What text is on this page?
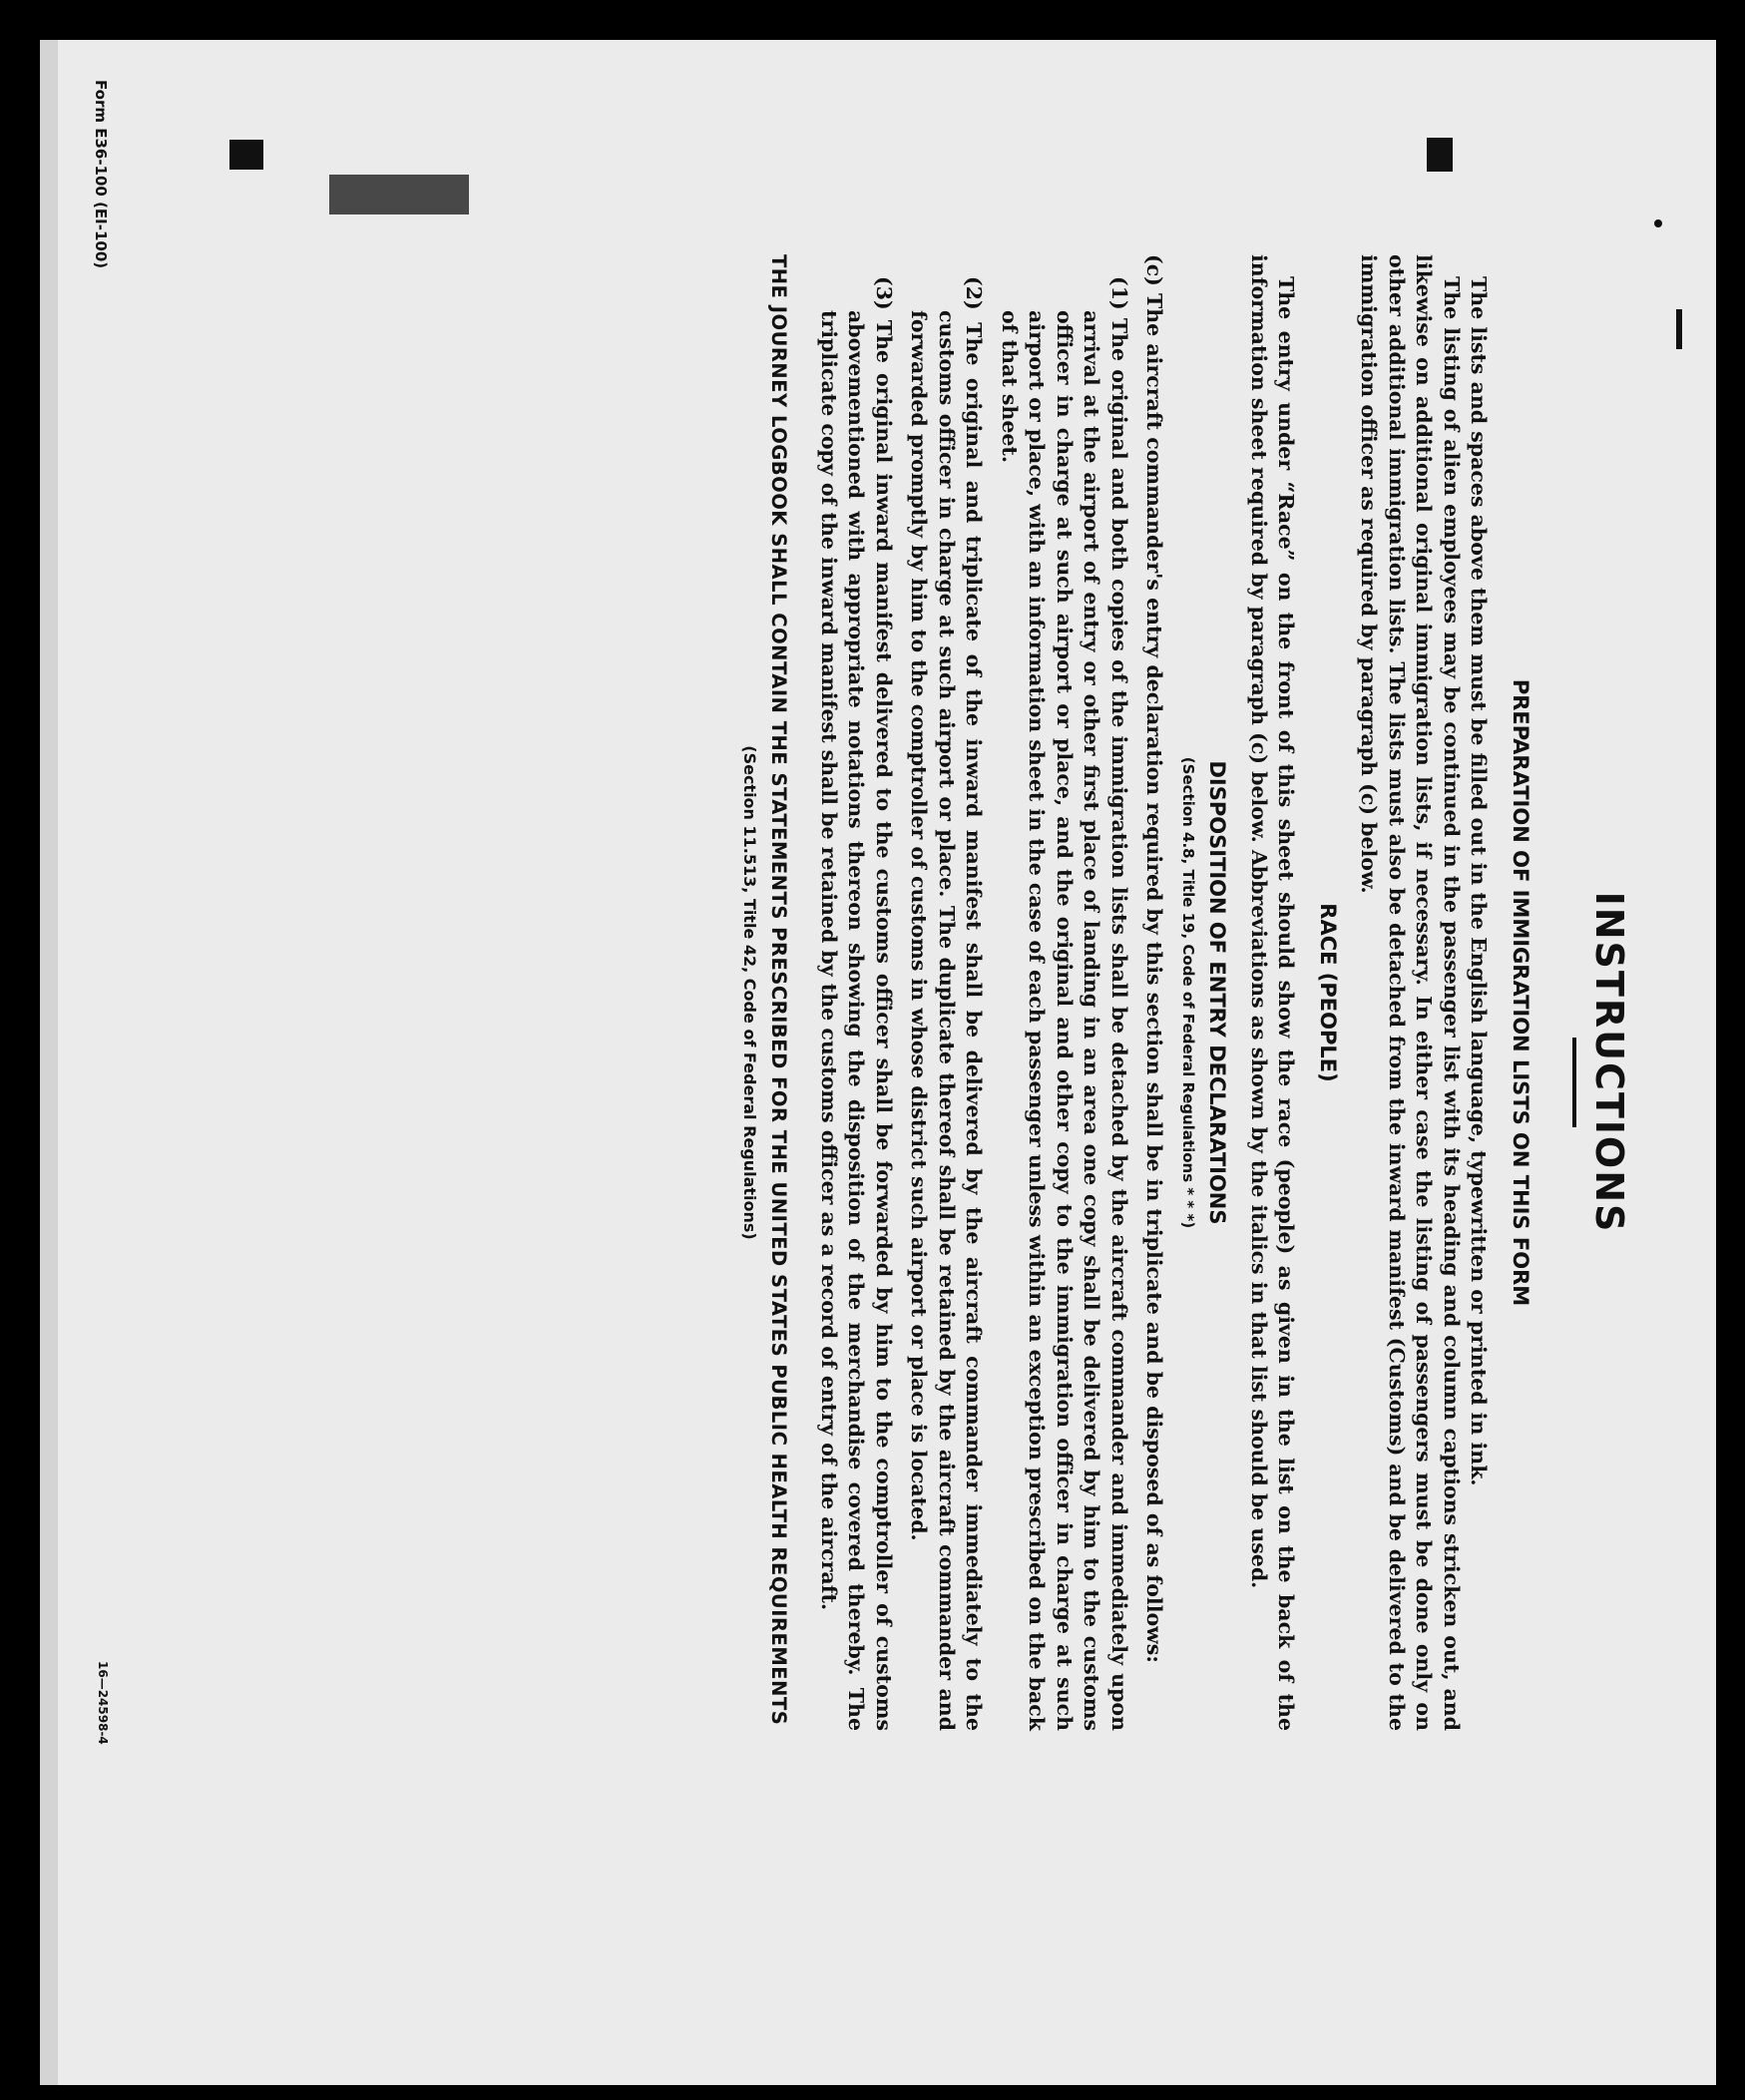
INSTRUCTIONS
PREPARATION OF IMMIGRATION LISTS ON THIS FORM

The lists and spaces above them must be filled out in the English language, typewritten or printed in ink.

The listing of alien employees may be continued in the passenger list with its heading and column captions stricken out, and likewise on additional original immigration lists, if necessary. In either case the listing of passengers must be done only on other additional immigration lists. The lists must also be detached from the inward manifest (Customs) and be delivered to the immigration officer as required by paragraph (c) below.

RACE (PEOPLE)

The entry under “Race” on the front of this sheet should show the race (people) as given in the list on the back of the information sheet required by paragraph (c) below. Abbreviations as shown by the italics in that list should be used.

DISPOSITION OF ENTRY DECLARATIONS
(Section 4.8, Title 19, Code of Federal Regulations * * *)
(c) The aircraft commander's entry declaration required by this section shall be in triplicate and be disposed of as follows:
(1) The original and both copies of the immigration lists shall be detached by the aircraft commander and immediately upon arrival at the airport of entry or other first place of landing in an area one copy shall be delivered by him to the customs officer in charge at such airport or place, and the original and other copy to the immigration officer in charge at such airport or place, with an information sheet in the case of each passenger unless within an exception prescribed on the back of that sheet.
(2) The original and triplicate of the inward manifest shall be delivered by the aircraft commander immediately to the customs officer in charge at such airport or place. The duplicate thereof shall be retained by the aircraft commander and forwarded promptly by him to the comptroller of customs in whose district such airport or place is located.
(3) The original inward manifest delivered to the customs officer shall be forwarded by him to the comptroller of customs abovementioned with appropriate notations thereon showing the disposition of the merchandise covered thereby. The triplicate copy of the inward manifest shall be retained by the customs officer as a record of entry of the aircraft.
THE JOURNEY LOGBOOK SHALL CONTAIN THE STATEMENTS PRESCRIBED FOR THE UNITED STATES PUBLIC HEALTH REQUIREMENTS
(Section 11.513, Title 42, Code of Federal Regulations)
Form E36-100 (EI-100)
16—24598-4
